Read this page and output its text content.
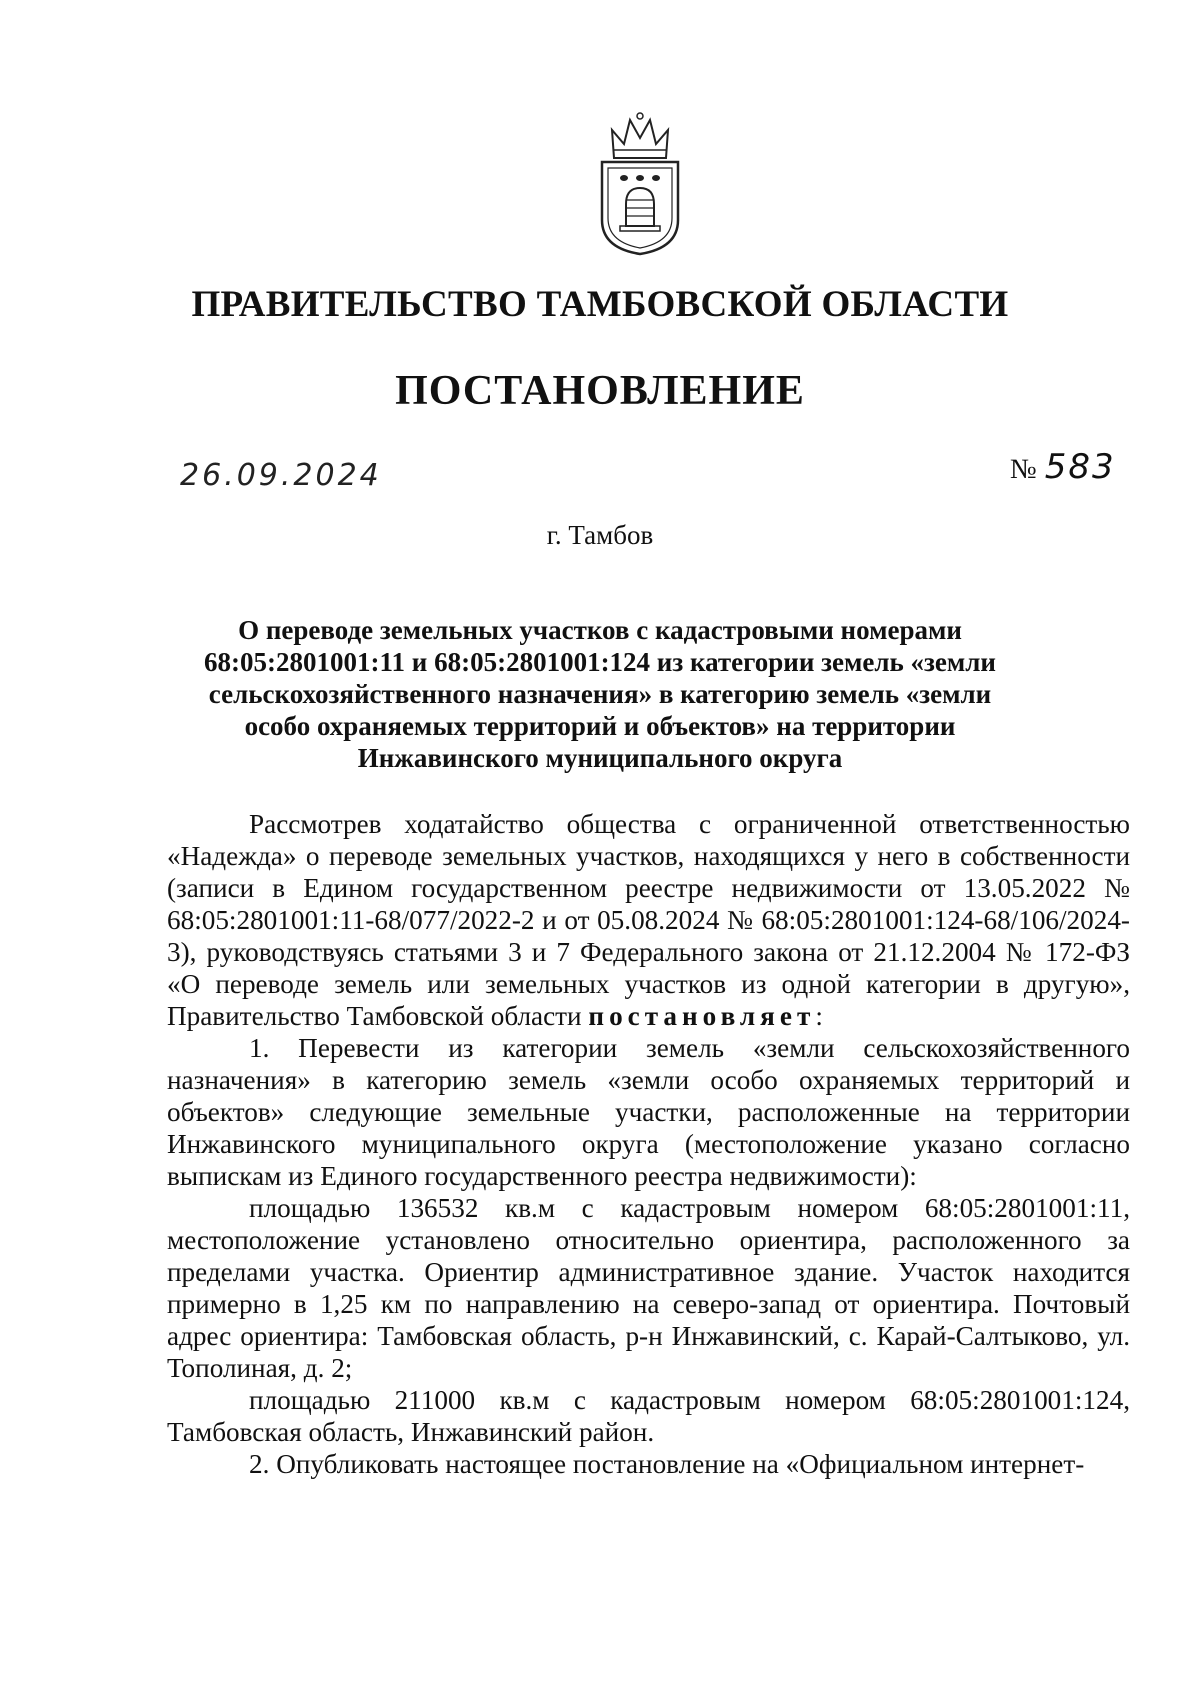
ПРАВИТЕЛЬСТВО ТАМБОВСКОЙ ОБЛАСТИ
ПОСТАНОВЛЕНИЕ
26.09.2024	№ 583
г. Тамбов
О переводе земельных участков с кадастровыми номерами 68:05:2801001:11 и 68:05:2801001:124 из категории земель «земли сельскохозяйственного назначения» в категорию земель «земли особо охраняемых территорий и объектов» на территории Инжавинского муниципального округа

Рассмотрев ходатайство общества с ограниченной ответственностью «Надежда» о переводе земельных участков, находящихся у него в собственности (записи в Едином государственном реестре недвижимости от 13.05.2022 № 68:05:2801001:11-68/077/2022-2 и от 05.08.2024 № 68:05:2801001:124-68/106/2024-3), руководствуясь статьями 3 и 7 Федерального закона от 21.12.2004 № 172-ФЗ «О переводе земель или земельных участков из одной категории в другую», Правительство Тамбовской области постановляет:

1. Перевести из категории земель «земли сельскохозяйственного назначения» в категорию земель «земли особо охраняемых территорий и объектов» следующие земельные участки, расположенные на территории Инжавинского муниципального округа (местоположение указано согласно выпискам из Единого государственного реестра недвижимости):

площадью 136532 кв.м с кадастровым номером 68:05:2801001:11, местоположение установлено относительно ориентира, расположенного за пределами участка. Ориентир административное здание. Участок находится примерно в 1,25 км по направлению на северо-запад от ориентира. Почтовый адрес ориентира: Тамбовская область, р-н Инжавинский, с. Карай-Салтыково, ул. Тополиная, д. 2;

площадью 211000 кв.м с кадастровым номером 68:05:2801001:124, Тамбовская область, Инжавинский район.

2. Опубликовать настоящее постановление на «Официальном интернет-
